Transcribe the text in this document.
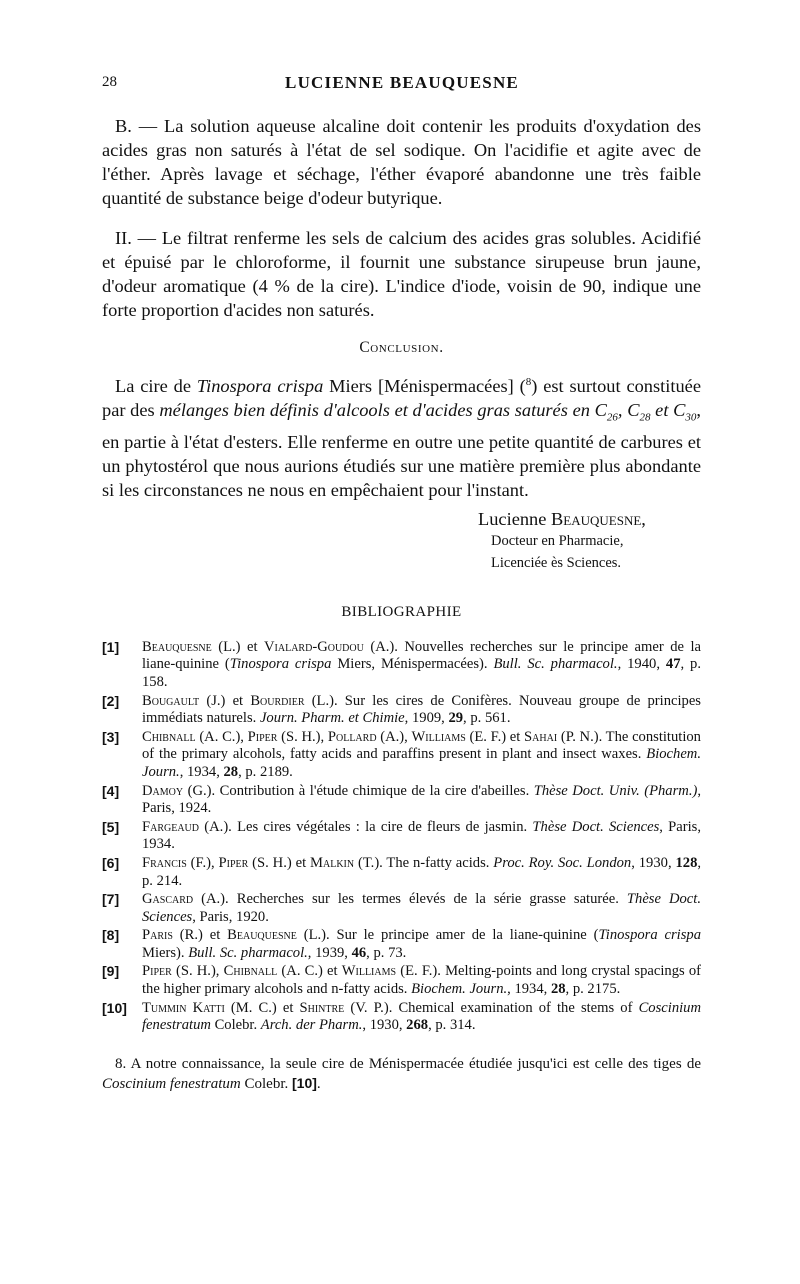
28	LUCIENNE BEAUQUESNE

B. — La solution aqueuse alcaline doit contenir les produits d'oxydation des acides gras non saturés à l'état de sel sodique. On l'acidifie et agite avec de l'éther. Après lavage et séchage, l'éther évaporé abandonne une très faible quantité de substance beige d'odeur butyrique.

II. — Le filtrat renferme les sels de calcium des acides gras solubles. Acidifié et épuisé par le chloroforme, il fournit une substance sirupeuse brun jaune, d'odeur aromatique (4 % de la cire). L'indice d'iode, voisin de 90, indique une forte proportion d'acides non saturés.

Conclusion.

La cire de Tinospora crispa Miers [Ménispermacées] ($^8$) est surtout constituée par des mélanges bien définis d'alcools et d'acides gras saturés en $C_{26}$, $C_{28}$ et $C_{30}$, en partie à l'état d'esters. Elle renferme en outre une petite quantité de carbures et un phytostérol que nous aurions étudiés sur une matière première plus abondante si les circonstances ne nous en empêchaient pour l'instant.

Lucienne Beauquesne,
Docteur en Pharmacie,
Licenciée ès Sciences.
BIBLIOGRAPHIE
[1]	Beauquesne (L.) et Vialard-Goudou (A.). Nouvelles recherches sur le principe amer de la liane-quinine (Tinospora crispa Miers, Ménispermacées). Bull. Sc. pharmacol., 1940, 47, p. 158.
[2]	Bougault (J.) et Bourdier (L.). Sur les cires de Conifères. Nouveau groupe de principes immédiats naturels. Journ. Pharm. et Chimie, 1909, 29, p. 561.
[3]	Chibnall (A. C.), Piper (S. H.), Pollard (A.), Williams (E. F.) et Sahai (P. N.). The constitution of the primary alcohols, fatty acids and paraffins present in plant and insect waxes. Biochem. Journ., 1934, 28, p. 2189.
[4]	Damoy (G.). Contribution à l'étude chimique de la cire d'abeilles. Thèse Doct. Univ. (Pharm.), Paris, 1924.
[5]	Fargeaud (A.). Les cires végétales : la cire de fleurs de jasmin. Thèse Doct. Sciences, Paris, 1934.
[6]	Francis (F.), Piper (S. H.) et Malkin (T.). The n-fatty acids. Proc. Roy. Soc. London, 1930, 128, p. 214.
[7]	Gascard (A.). Recherches sur les termes élevés de la série grasse saturée. Thèse Doct. Sciences, Paris, 1920.
[8]	Paris (R.) et Beauquesne (L.). Sur le principe amer de la liane-quinine (Tinospora crispa Miers). Bull. Sc. pharmacol., 1939, 46, p. 73.
[9]	Piper (S. H.), Chibnall (A. C.) et Williams (E. F.). Melting-points and long crystal spacings of the higher primary alcohols and n-fatty acids. Biochem. Journ., 1934, 28, p. 2175.
[10]	Tummin Katti (M. C.) et Shintre (V. P.). Chemical examination of the stems of Coscinium fenestratum Colebr. Arch. der Pharm., 1930, 268, p. 314.

8. A notre connaissance, la seule cire de Ménispermacée étudiée jusqu'ici est celle des tiges de Coscinium fenestratum Colebr. [10].
